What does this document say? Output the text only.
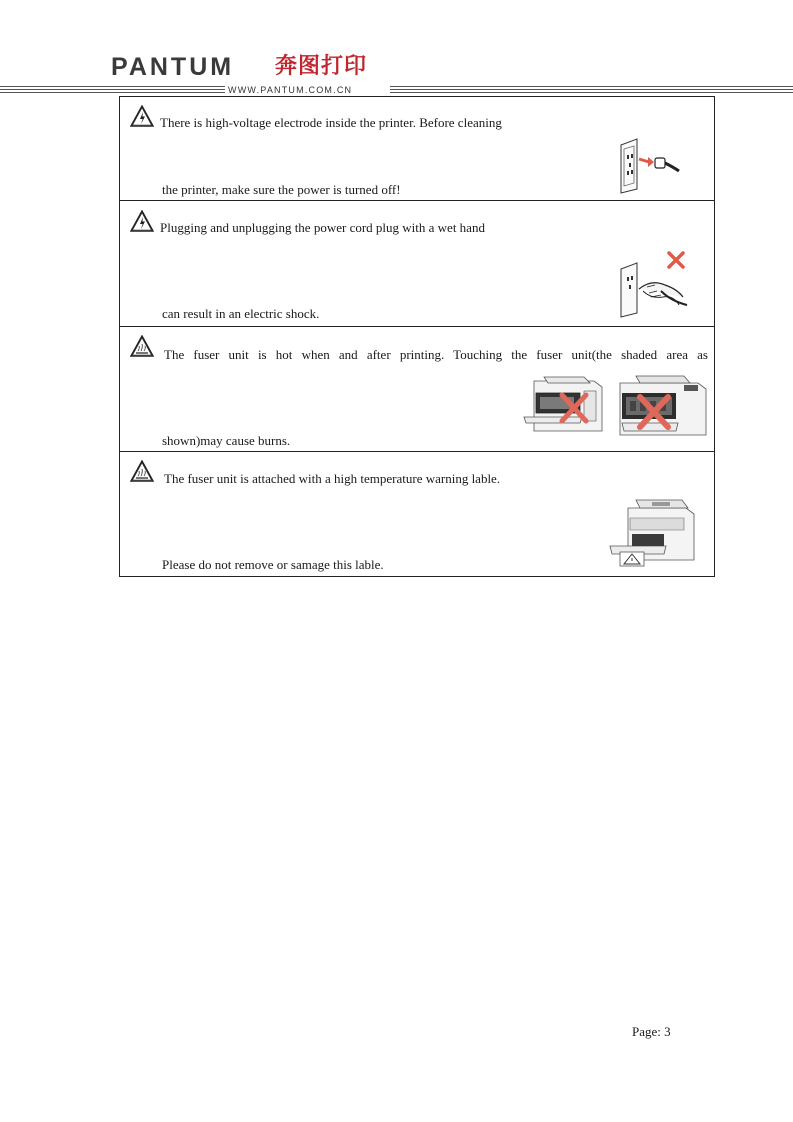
PANTUM 奔图打印
WWW.PANTUM.COM.CN
There is high-voltage electrode inside the printer. Before cleaning
the printer, make sure the power is turned off!
Plugging and unplugging the power cord plug with a wet hand
can result in an electric shock.
The fuser unit is hot when and after printing. Touching the fuser unit(the shaded area as
shown)may cause burns.
The fuser unit is attached with a high temperature warning lable.
Please do not remove or samage this lable.
Page: 3
